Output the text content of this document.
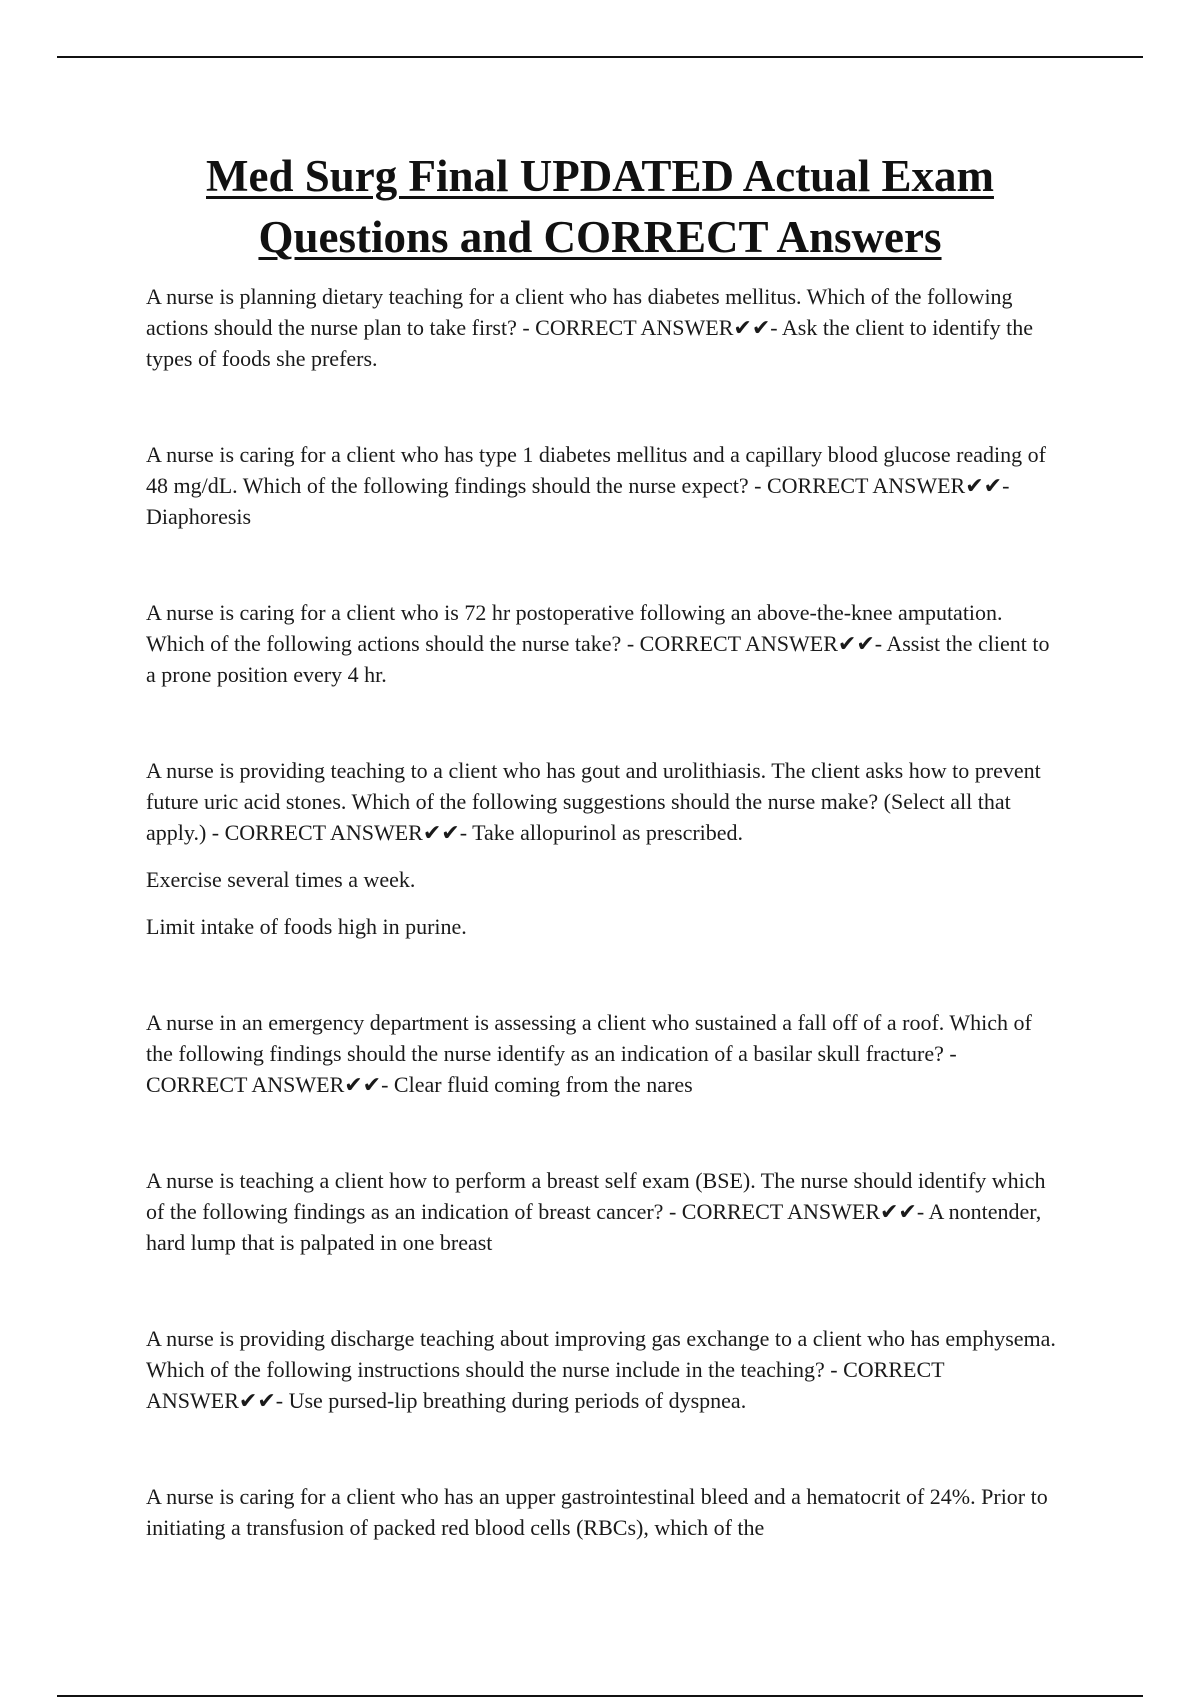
Med Surg Final UPDATED Actual Exam
Questions and CORRECT Answers

A nurse is planning dietary teaching for a client who has diabetes mellitus. Which of the following actions should the nurse plan to take first? - CORRECT ANSWER✔✔- Ask the client to identify the types of foods she prefers.

A nurse is caring for a client who has type 1 diabetes mellitus and a capillary blood glucose reading of 48 mg/dL. Which of the following findings should the nurse expect? - CORRECT ANSWER✔✔- Diaphoresis

A nurse is caring for a client who is 72 hr postoperative following an above-the-knee amputation. Which of the following actions should the nurse take? - CORRECT ANSWER✔✔- Assist the client to a prone position every 4 hr.

A nurse is providing teaching to a client who has gout and urolithiasis. The client asks how to prevent future uric acid stones. Which of the following suggestions should the nurse make? (Select all that apply.) - CORRECT ANSWER✔✔- Take allopurinol as prescribed.

Exercise several times a week.

Limit intake of foods high in purine.

A nurse in an emergency department is assessing a client who sustained a fall off of a roof. Which of the following findings should the nurse identify as an indication of a basilar skull fracture? - CORRECT ANSWER✔✔- Clear fluid coming from the nares

A nurse is teaching a client how to perform a breast self exam (BSE). The nurse should identify which of the following findings as an indication of breast cancer? - CORRECT ANSWER✔✔- A nontender, hard lump that is palpated in one breast

A nurse is providing discharge teaching about improving gas exchange to a client who has emphysema. Which of the following instructions should the nurse include in the teaching? - CORRECT ANSWER✔✔- Use pursed-lip breathing during periods of dyspnea.

A nurse is caring for a client who has an upper gastrointestinal bleed and a hematocrit of 24%. Prior to initiating a transfusion of packed red blood cells (RBCs), which of the
